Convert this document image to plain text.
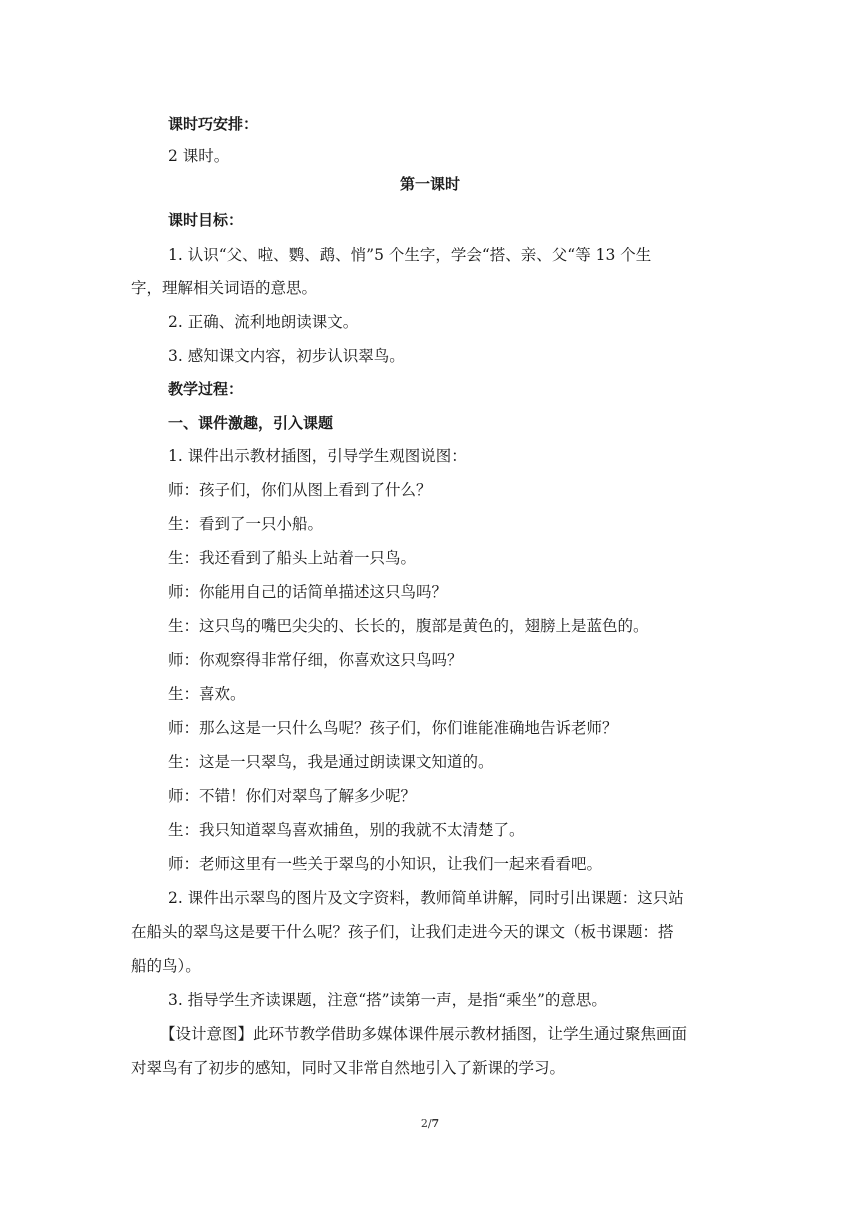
课时巧安排：
2 课时。
第一课时
课时目标：
1. 认识“父、啦、鹦、鹉、悄”5 个生字，学会“搭、亲、父“等 13 个生
字，理解相关词语的意思。
2. 正确、流利地朗读课文。
3. 感知课文内容，初步认识翠鸟。
教学过程：
一、课件激趣，引入课题
1. 课件出示教材插图，引导学生观图说图：
师：孩子们，你们从图上看到了什么？
生：看到了一只小船。
生：我还看到了船头上站着一只鸟。
师：你能用自己的话简单描述这只鸟吗？
生：这只鸟的嘴巴尖尖的、长长的，腹部是黄色的，翅膀上是蓝色的。
师：你观察得非常仔细，你喜欢这只鸟吗？
生：喜欢。
师：那么这是一只什么鸟呢？孩子们，你们谁能准确地告诉老师？
生：这是一只翠鸟，我是通过朗读课文知道的。
师：不错！你们对翠鸟了解多少呢？
生：我只知道翠鸟喜欢捕鱼，别的我就不太清楚了。
师：老师这里有一些关于翠鸟的小知识，让我们一起来看看吧。
2. 课件出示翠鸟的图片及文字资料，教师简单讲解，同时引出课题：这只站
在船头的翠鸟这是要干什么呢？孩子们，让我们走进今天的课文（板书课题：搭
船的鸟）。
3. 指导学生齐读课题，注意“搭”读第一声，是指“乘坐”的意思。
【设计意图】此环节教学借助多媒体课件展示教材插图，让学生通过聚焦画面
对翠鸟有了初步的感知，同时又非常自然地引入了新课的学习。
2/7
